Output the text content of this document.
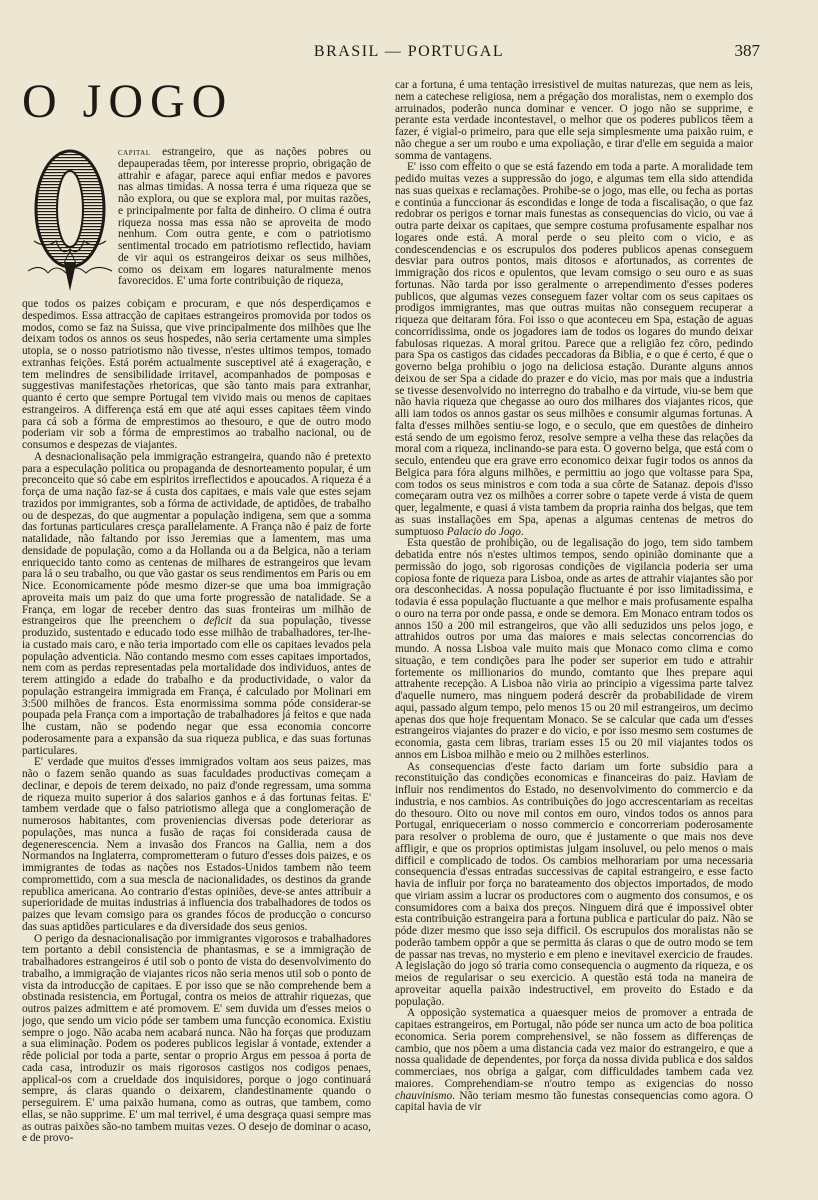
BRASIL — PORTUGAL	387
O JOGO

capital estrangeiro, que as nações pobres ou depauperadas têem, por interesse proprio, obrigação de attrahir e afagar, parece aqui enfiar medos e pavores nas almas timidas. A nossa terra é uma riqueza que se não explora, ou que se explora mal, por muitas razões, e principalmente por falta de dinheiro. O clima é outra riqueza nossa mas essa não se aproveita de modo nenhum. Com outra gente, e com o patriotismo sentimental trocado em patriotismo reflectido, haviam de vir aqui os estrangeiros deixar os seus milhões, como os deixam em logares naturalmente menos favorecidos. E' uma forte contribuição de riqueza,

que todos os paizes cobiçam e procuram, e que nós desperdiçamos e despedimos. Essa attracção de capitaes estrangeiros promovida por todos os modos, como se faz na Suissa, que vive principalmente dos milhões que lhe deixam todos os annos os seus hospedes, não seria certamente uma simples utopia, se o nosso patriotismo não tivesse, n'estes ultimos tempos, tomado extranhas feições. Está porém actualmente susceptivel até á exageração, e tem melindres de sensibilidade irritavel, acompanhados de pomposas e suggestivas manifestações rhetoricas, que são tanto mais para extranhar, quanto é certo que sempre Portugal tem vivido mais ou menos de capitaes estrangeiros. A differença está em que até aqui esses capitaes têem vindo para cá sob a fórma de emprestimos ao thesouro, e que de outro modo poderiam vir sob a fórma de emprestimos ao trabalho nacional, ou de consumos e despezas de viajantes.

A desnacionalisação pela immigração estrangeira, quando não é pretexto para a especulação politica ou propaganda de desnorteamento popular, é um preconceito que só cabe em espiritos irreflectidos e apoucados. A riqueza é a força de uma nação faz-se á custa dos capitaes, e mais vale que estes sejam trazidos por immigrantes, sob a fórma de actividade, de aptidões, de trabalho ou de despezas, do que augmentar a população indigena, sem que a somma das fortunas particulares cresça parallelamente. A França não é paiz de forte natalidade, não faltando por isso Jeremias que a lamentem, mas uma densidade de população, como a da Hollanda ou a da Belgica, não a teriam enriquecido tanto como as centenas de milhares de estrangeiros que levam para lá o seu trabalho, ou que vão gastar os seus rendimentos em Paris ou em Nice. Economicamente póde mesmo dizer-se que uma boa immigração aproveita mais um paiz do que uma forte progressão de natalidade. Se a França, em logar de receber dentro das suas fronteiras um milhão de estrangeiros que lhe preenchem o deficit da sua população, tivesse produzido, sustentado e educado todo esse milhão de trabalhadores, ter-lhe-ia custado mais caro, e não teria importado com elle os capitaes levados pela população adventicia. Não contando mesmo com esses capitaes importados, nem com as perdas representadas pela mortalidade dos individuos, antes de terem attingido a edade do trabalho e da productividade, o valor da população estrangeira immigrada em França, é calculado por Molinari em 3:500 milhões de francos. Esta enormissima somma póde considerar-se poupada pela França com a importação de trabalhadores já feitos e que nada lhe custam, não se podendo negar que essa economia concorre poderosamente para a expansão da sua riqueza publica, e das suas fortunas particulares.

E' verdade que muitos d'esses immigrados voltam aos seus paizes, mas não o fazem senão quando as suas faculdades productivas começam a declinar, e depois de terem deixado, no paiz d'onde regressam, uma somma de riqueza muito superior á dos salarios ganhos e á das fortunas feitas. E' tambem verdade que o falso patriotismo allega que a conglomeração de numerosos habitantes, com proveniencias diversas pode deteriorar as populações, mas nunca a fusão de raças foi considerada causa de degenerescencia. Nem a invasão dos Francos na Gallia, nem a dos Normandos na Inglaterra, comprometteram o futuro d'esses dois paizes, e os immigrantes de todas as nações nos Estados-Unidos tambem não teem compromettido, com a sua mescla de nacionalidades, os destinos da grande republica americana. Ao contrario d'estas opiniões, deve-se antes attribuir a superioridade de muitas industrias á influencia dos trabalhadores de todos os paizes que levam comsigo para os grandes fócos de producção o concurso das suas aptidões particulares e da diversidade dos seus genios.

O perigo da desnacionalisação por immigrantes vigorosos e trabalhadores tem portanto a debil consistencia de phantasmas, e se a immigração de trabalhadores estrangeiros é util sob o ponto de vista do desenvolvimento do trabalho, a immigração de viajantes ricos não seria menos util sob o ponto de vista da introducção de capitaes. E por isso que se não comprehende bem a obstinada resistencia, em Portugal, contra os meios de attrahir riquezas, que outros paizes admittem e até promovem. E' sem duvida um d'esses meios o jogo, que sendo um vicio póde ser tambem uma funcção economica. Existiu sempre o jogo. Não acaba nem acabará nunca. Não ha forças que produzam a sua eliminação. Podem os poderes publicos legislar á vontade, extender a rêde policial por toda a parte, sentar o proprio Argus em pessoa á porta de cada casa, introduzir os mais rigorosos castigos nos codigos penaes, applical-os com a crueldade dos inquisidores, porque o jogo continuará sempre, ás claras quando o deixarem, clandestinamente quando o perseguirem. E' uma paixão humana, como as outras, que tambem, como ellas, se não supprime. E' um mal terrivel, é uma desgraça quasi sempre mas as outras paixões são-no tambem muitas vezes. O desejo de dominar o acaso, e de provo-

car a fortuna, é uma tentação irresistivel de muitas naturezas, que nem as leis, nem a catechese religiosa, nem a prégação dos moralistas, nem o exemplo dos arruinados, poderão nunca dominar e vencer. O jogo não se supprime, e perante esta verdade incontestavel, o melhor que os poderes publicos têem a fazer, é vigial-o primeiro, para que elle seja simplesmente uma paixão ruim, e não chegue a ser um roubo e uma expoliação, e tirar d'elle em seguida a maior somma de vantagens.

E' isso com effeito o que se está fazendo em toda a parte. A moralidade tem pedido muitas vezes a suppressão do jogo, e algumas tem ella sido attendida nas suas queixas e reclamações. Prohibe-se o jogo, mas elle, ou fecha as portas e continúa a funccionar ás escondidas e longe de toda a fiscalisação, o que faz redobrar os perigos e tornar mais funestas as consequencias do vicio, ou vae á outra parte deixar os capitaes, que sempre costuma profusamente espalhar nos logares onde está. A moral perde o seu pleito com o vicio, e as condescendencias e os escrupulos dos poderes publicos apenas conseguem desviar para outros pontos, mais ditosos e afortunados, as correntes de immigração dos ricos e opulentos, que levam comsigo o seu ouro e as suas fortunas. Não tarda por isso geralmente o arrependimento d'esses poderes publicos, que algumas vezes conseguem fazer voltar com os seus capitaes os prodigos immigrantes, mas que outras muitas não conseguem recuperar a riqueza que deitaram fóra. Foi isso o que aconteceu em Spa, estação de aguas concorridissima, onde os jogadores iam de todos os logares do mundo deixar fabulosas riquezas. A moral gritou. Parece que a religião fez côro, pedindo para Spa os castigos das cidades peccadoras da Biblia, e o que é certo, é que o governo belga prohibiu o jogo na deliciosa estação. Durante alguns annos deixou de ser Spa a cidade do prazer e do vicio, mas por mais que a industria se tivesse desenvolvido no interregno do trabalho e da virtude, viu-se bem que não havia riqueza que chegasse ao ouro dos milhares dos viajantes ricos, que alli iam todos os annos gastar os seus milhões e consumir algumas fortunas. A falta d'esses milhões sentiu-se logo, e o seculo, que em questões de dinheiro está sendo de um egoismo feroz, resolve sempre a velha these das relações da moral com a riqueza, inclinando-se para esta. O governo belga, que está com o seculo, entendeu que era grave erro economico deixar fugir todos os annos da Belgica para fóra alguns milhões, e permittiu ao jogo que voltasse para Spa, com todos os seus ministros e com toda a sua côrte de Satanaz. depois d'isso começaram outra vez os milhões a correr sobre o tapete verde á vista de quem quer, legalmente, e quasi á vista tambem da propria rainha dos belgas, que tem as suas installações em Spa, apenas a algumas centenas de metros do sumptuoso Palacio do Jogo.

Esta questão de prohibição, ou de legalisação do jogo, tem sido tambem debatida entre nós n'estes ultimos tempos, sendo opinião dominante que a permissão do jogo, sob rigorosas condições de vigilancia poderia ser uma copiosa fonte de riqueza para Lisboa, onde as artes de attrahir viajantes são por ora desconhecidas. A nossa população fluctuante é por isso limitadissima, e todavia é essa população fluctuante a que melhor e mais profusamente espalha o ouro na terra por onde passa, e onde se demora. Em Monaco entram todos os annos 150 a 200 mil estrangeiros, que vão alli seduzidos uns pelos jogo, e attrahidos outros por uma das maiores e mais selectas concorrencias do mundo. A nossa Lisboa vale muito mais que Monaco como clima e como situação, e tem condições para lhe poder ser superior em tudo e attrahir fortemente os millionarios do mundo, comtanto que lhes prepare aqui attrahente recepção. A Lisboa não viria ao principio a vigessima parte talvez d'aquelle numero, mas ninguem poderá descrêr da probabilidade de virem aqui, passado algum tempo, pelo menos 15 ou 20 mil estrangeiros, um decimo apenas dos que hoje frequentam Monaco. Se se calcular que cada um d'esses estrangeiros viajantes do prazer e do vicio, e por isso mesmo sem costumes de economia, gasta cem libras, trariam esses 15 ou 20 mil viajantes todos os annos em Lisboa milhão e meio ou 2 milhões esterlinos.

As consequencias d'este facto dariam um forte subsidio para a reconstituição das condições economicas e financeiras do paiz. Haviam de influir nos rendimentos do Estado, no desenvolvimento do commercio e da industria, e nos cambios. As contribuições do jogo accrescentariam as receitas do thesouro. Oito ou nove mil contos em ouro, vindos todos os annos para Portugal, enriqueceriam o nosso commercio e concorreriam poderosamente para resolver o problema de ouro, que é justamente o que mais nos deve affligir, e que os proprios optimistas julgam insoluvel, ou pelo menos o mais difficil e complicado de todos. Os cambios melhorariam por uma necessaria consequencia d'essas entradas successivas de capital estrangeiro, e esse facto havia de influir por força no barateamento dos objectos importados, de modo que viriam assim a lucrar os productores com o augmento dos consumos, e os consumidores com a baixa dos preços. Ninguem dirá que é impossivel obter esta contribuição estrangeira para a fortuna publica e particular do paiz. Não se póde dizer mesmo que isso seja difficil. Os escrupulos dos moralistas não se poderão tambem oppôr a que se permitta ás claras o que de outro modo se tem de passar nas trevas, no mysterio e em pleno e inevitavel exercicio de fraudes. A legislação do jogo só traria como consequencia o augmento da riqueza, e os meios de regularisar o seu exercicio. A questão está toda na maneira de aproveitar aquella paixão indestructivel, em proveito do Estado e da população.

A opposição systematica a quaesquer meios de promover a entrada de capitaes estrangeiros, em Portugal, não póde ser nunca um acto de boa politica economica. Seria porem comprehensivel, se não fossem as differenças de cambio, que nos põem a uma distancia cada vez maior do estrangeiro, e que a nossa qualidade de dependentes, por força da nossa divida publica e dos saldos commerciaes, nos obriga a galgar, com difficuldades tambem cada vez maiores. Comprehendiam-se n'outro tempo as exigencias do nosso chauvinismo. Não teriam mesmo tão funestas consequencias como agora. O capital havia de vir
